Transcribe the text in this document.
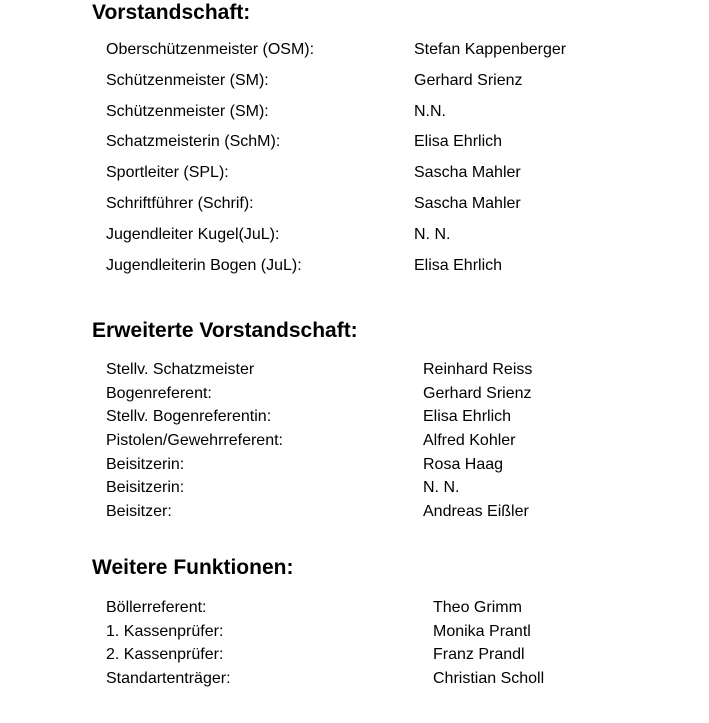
Vorstandschaft:
Oberschützenmeister (OSM):	Stefan Kappenberger
Schützenmeister (SM):	Gerhard Srienz
Schützenmeister (SM):	N.N.
Schatzmeisterin (SchM):	Elisa Ehrlich
Sportleiter (SPL):	Sascha Mahler
Schriftführer (Schrif):	Sascha Mahler
Jugendleiter Kugel(JuL):	N. N.
Jugendleiterin Bogen (JuL):	Elisa Ehrlich
Erweiterte Vorstandschaft:
Stellv. Schatzmeister	Reinhard Reiss
Bogenreferent:	Gerhard Srienz
Stellv. Bogenreferentin:	Elisa Ehrlich
Pistolen/Gewehrreferent:	Alfred Kohler
Beisitzerin:	Rosa Haag
Beisitzerin:	N. N.
Beisitzer:	Andreas Eißler
Weitere Funktionen:
Böllerreferent:	Theo Grimm
1. Kassenprüfer:	Monika Prantl
2. Kassenprüfer:	Franz Prandl
Standartenträger:	Christian Scholl
